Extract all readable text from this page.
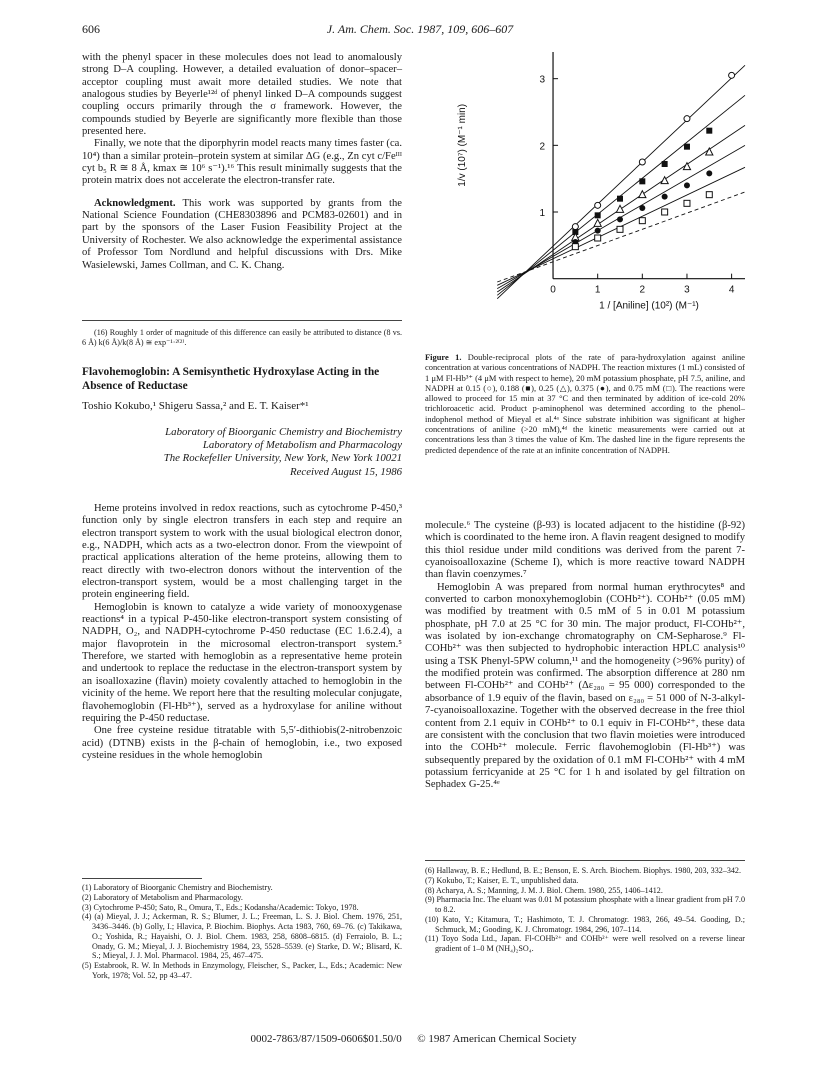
606	J. Am. Chem. Soc. 1987, 109, 606–607

with the phenyl spacer in these molecules does not lead to anomalously strong D–A coupling. However, a detailed evaluation of donor–spacer–acceptor coupling must await more detailed studies. We note that analogous studies by Beyerle¹²ᵈ of phenyl linked D–A compounds suggest coupling occurs primarily through the σ framework. However, the compounds studied by Beyerle are significantly more flexible than those presented here.

Finally, we note that the diporphyrin model reacts many times faster (ca. 10⁴) than a similar protein–protein system at similar ΔG (e.g., Zn cyt c/Feᴵᴵᴵ cyt b₅ R ≅ 8 Å, kmax ≅ 10⁶ s⁻¹).¹⁶ This result minimally suggests that the protein matrix does not accelerate the electron-transfer rate.

Acknowledgment. This work was supported by grants from the National Science Foundation (CHE8303896 and PCM83-02601) and in part by the sponsors of the Laser Fusion Feasibility Project at the University of Rochester. We also acknowledge the experimental assistance of Professor Tom Nordlund and helpful discussions with Drs. Mike Wasielewski, James Collman, and C. K. Chang.

(16) Roughly 1 order of magnitude of this difference can easily be attributed to distance (8 vs. 6 Å) k(6 Å)/k(8 Å) ≅ exp⁻¹·²⁽²⁾.

Flavohemoglobin: A Semisynthetic Hydroxylase Acting in the Absence of Reductase
Toshio Kokubo,¹ Shigeru Sassa,² and E. T. Kaiser*¹
Laboratory of Bioorganic Chemistry and Biochemistry
Laboratory of Metabolism and Pharmacology
The Rockefeller University, New York, New York 10021
Received August 15, 1986

Heme proteins involved in redox reactions, such as cytochrome P-450,³ function only by single electron transfers in each step and require an electron transport system to work with the usual biological electron donor, e.g., NADPH, which acts as a two-electron donor. From the viewpoint of practical applications alteration of the heme proteins, allowing them to react directly with two-electron donors without the intervention of the electron-transport system, would be a most challenging target in the protein engineering field.

Hemoglobin is known to catalyze a wide variety of monooxygenase reactions⁴ in a typical P-450-like electron-transport system consisting of NADPH, O₂, and NADPH-cytochrome P-450 reductase (EC 1.6.2.4), a major flavoprotein in the microsomal electron-transport system.⁵ Therefore, we started with hemoglobin as a representative heme protein and undertook to replace the reductase in the electron-transport system by an isoalloxazine (flavin) moiety covalently attached to hemoglobin in the vicinity of the heme. We report here that the resulting molecular conjugate, flavohemoglobin (Fl-Hb³⁺), served as a hydroxylase for aniline without requiring the P-450 reductase.

One free cysteine residue titratable with 5,5′-dithiobis(2-nitrobenzoic acid) (DTNB) exists in the β-chain of hemoglobin, i.e., two exposed cysteine residues in the whole hemoglobin

(1) Laboratory of Bioorganic Chemistry and Biochemistry.

(2) Laboratory of Metabolism and Pharmacology.

(3) Cytochrome P-450; Sato, R., Omura, T., Eds.; Kodansha/Academic: Tokyo, 1978.

(4) (a) Mieyal, J. J.; Ackerman, R. S.; Blumer, J. L.; Freeman, L. S. J. Biol. Chem. 1976, 251, 3436–3446. (b) Golly, I.; Hlavica, P. Biochim. Biophys. Acta 1983, 760, 69–76. (c) Takikawa, O.; Yoshida, R.; Hayaishi, O. J. Biol. Chem. 1983, 258, 6808–6815. (d) Ferraiolo, B. L.; Onady, G. M.; Mieyal, J. J. Biochemistry 1984, 23, 5528–5539. (e) Starke, D. W.; Blisard, K. S.; Mieyal, J. J. Mol. Pharmacol. 1984, 25, 467–475.

(5) Estabrook, R. W. In Methods in Enzymology, Fleischer, S., Packer, L., Eds.; Academic: New York, 1978; Vol. 52, pp 43–47.

0	1	2	3	4
1
2
3
1 / [Aniline] (10²) (M⁻¹)
1/v (10⁷) (M⁻¹ min)
Figure 1. Double-reciprocal plots of the rate of para-hydroxylation against aniline concentration at various concentrations of NADPH. The reaction mixtures (1 mL) consisted of 1 μM Fl-Hb³⁺ (4 μM with respect to heme), 20 mM potassium phosphate, pH 7.5, aniline, and NADPH at 0.15 (○), 0.188 (■), 0.25 (△), 0.375 (●), and 0.75 mM (□). The reactions were allowed to proceed for 15 min at 37 °C and then terminated by addition of ice-cold 20% trichloroacetic acid. Product p-aminophenol was determined according to the phenol–indophenol method of Mieyal et al.⁴ᵃ Since substrate inhibition was significant at higher concentrations of aniline (>20 mM),⁴ᵈ the kinetic measurements were carried out at concentrations less than 3 times the value of Km. The dashed line in the figure represents the predicted dependence of the rate at an infinite concentration of NADPH.

molecule.⁶ The cysteine (β-93) is located adjacent to the histidine (β-92) which is coordinated to the heme iron. A flavin reagent designed to modify this thiol residue under mild conditions was derived from the parent 7-cyanoisoalloxazine (Scheme I), which is more reactive toward NADPH than flavin coenzymes.⁷

Hemoglobin A was prepared from normal human erythrocytes⁸ and converted to carbon monoxyhemoglobin (COHb²⁺). COHb²⁺ (0.05 mM) was modified by treatment with 0.5 mM of 5 in 0.01 M potassium phosphate, pH 7.0 at 25 °C for 30 min. The major product, Fl-COHb²⁺, was isolated by ion-exchange chromatography on CM-Sepharose.⁹ Fl-COHb²⁺ was then subjected to hydrophobic interaction HPLC analysis¹⁰ using a TSK Phenyl-5PW column,¹¹ and the homogeneity (>96% purity) of the modified protein was confirmed. The absorption difference at 280 nm between Fl-COHb²⁺ and COHb²⁺ (Δε₂₈₀ = 95 000) corresponded to the absorbance of 1.9 equiv of the flavin, based on ε₂₈₀ = 51 000 of N-3-alkyl-7-cyanoisoalloxazine. Together with the observed decrease in the free thiol content from 2.1 equiv in COHb²⁺ to 0.1 equiv in Fl-COHb²⁺, these data are consistent with the conclusion that two flavin moieties were introduced into the COHb²⁺ molecule. Ferric flavohemoglobin (Fl-Hb³⁺) was subsequently prepared by the oxidation of 0.1 mM Fl-COHb²⁺ with 4 mM potassium ferricyanide at 25 °C for 1 h and isolated by gel filtration on Sephadex G-25.⁴ᵉ

(6) Hallaway, B. E.; Hedlund, B. E.; Benson, E. S. Arch. Biochem. Biophys. 1980, 203, 332–342.

(7) Kokubo, T.; Kaiser, E. T., unpublished data.

(8) Acharya, A. S.; Manning, J. M. J. Biol. Chem. 1980, 255, 1406–1412.

(9) Pharmacia Inc. The eluant was 0.01 M potassium phosphate with a linear gradient from pH 7.0 to 8.2.

(10) Kato, Y.; Kitamura, T.; Hashimoto, T. J. Chromatogr. 1983, 266, 49–54. Gooding, D.; Schmuck, M.; Gooding, K. J. Chromatogr. 1984, 296, 107–114.

(11) Toyo Soda Ltd., Japan. Fl-COHb²⁺ and COHb²⁺ were well resolved on a reverse linear gradient of 1–0 M (NH₄)₂SO₄.

0002-7863/87/1509-0606$01.50/0 © 1987 American Chemical Society
